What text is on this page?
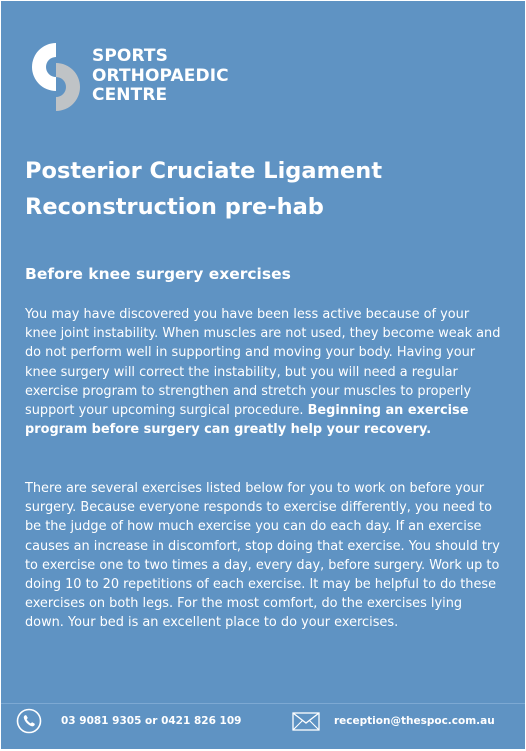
SPORTS
ORTHOPAEDIC
CENTRE
Posterior Cruciate Ligament Reconstruction pre-hab
Before knee surgery exercises

You may have discovered you have been less active because of your knee joint instability. When muscles are not used, they become weak and do not perform well in supporting and moving your body. Having your knee surgery will correct the instability, but you will need a regular exercise program to strengthen and stretch your muscles to properly support your upcoming surgical procedure. Beginning an exercise program before surgery can greatly help your recovery.

There are several exercises listed below for you to work on before your surgery. Because everyone responds to exercise differently, you need to be the judge of how much exercise you can do each day. If an exercise causes an increase in discomfort, stop doing that exercise. You should try to exercise one to two times a day, every day, before surgery. Work up to doing 10 to 20 repetitions of each exercise. It may be helpful to do these exercises on both legs. For the most comfort, do the exercises lying down. Your bed is an excellent place to do your exercises.

03 9081 9305 or 0421 826 109	reception@thespoc.com.au
